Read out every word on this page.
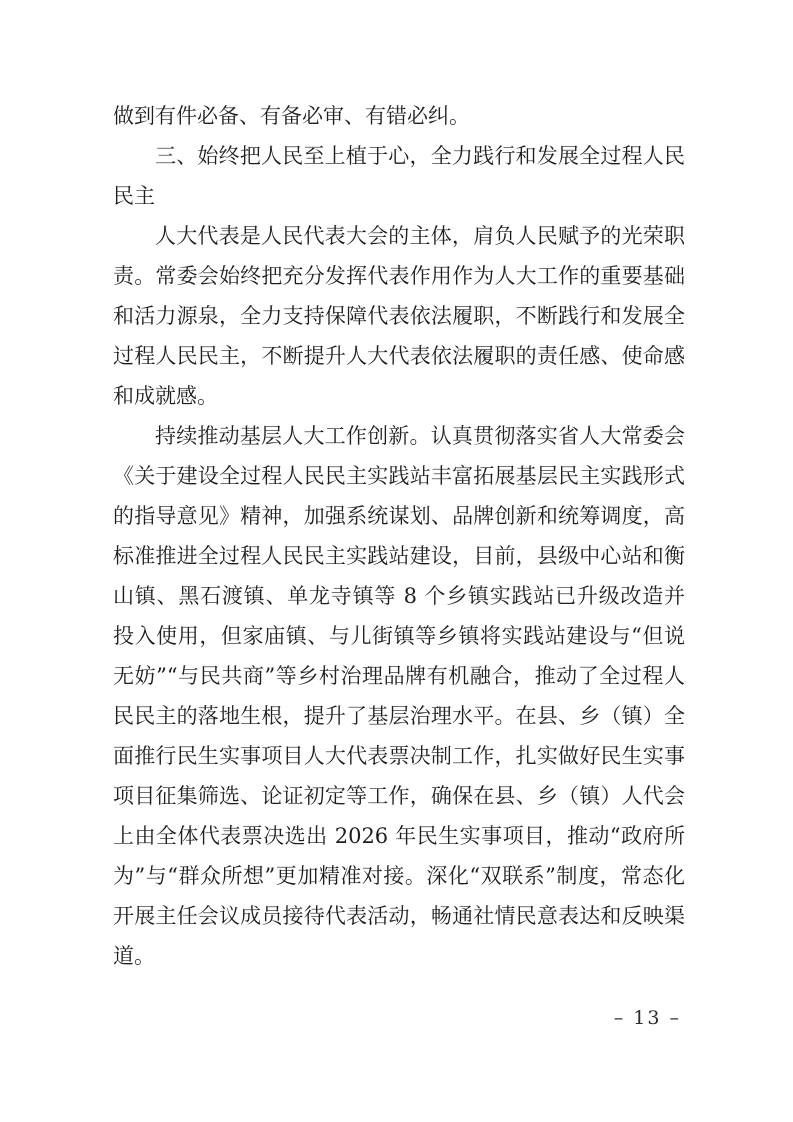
做到有件必备、有备必审、有错必纠。

三、始终把人民至上植于心，全力践行和发展全过程人民民主

人大代表是人民代表大会的主体，肩负人民赋予的光荣职责。常委会始终把充分发挥代表作用作为人大工作的重要基础和活力源泉，全力支持保障代表依法履职，不断践行和发展全过程人民民主，不断提升人大代表依法履职的责任感、使命感和成就感。

持续推动基层人大工作创新。认真贯彻落实省人大常委会《关于建设全过程人民民主实践站丰富拓展基层民主实践形式的指导意见》精神，加强系统谋划、品牌创新和统筹调度，高标准推进全过程人民民主实践站建设，目前，县级中心站和衡山镇、黑石渡镇、单龙寺镇等 8 个乡镇实践站已升级改造并投入使用，但家庙镇、与儿街镇等乡镇将实践站建设与“但说无妨”“与民共商”等乡村治理品牌有机融合，推动了全过程人民民主的落地生根，提升了基层治理水平。在县、乡（镇）全面推行民生实事项目人大代表票决制工作，扎实做好民生实事项目征集筛选、论证初定等工作，确保在县、乡（镇）人代会上由全体代表票决选出 2026 年民生实事项目，推动“政府所为”与“群众所想”更加精准对接。深化“双联系”制度，常态化开展主任会议成员接待代表活动，畅通社情民意表达和反映渠道。

– 13 –
